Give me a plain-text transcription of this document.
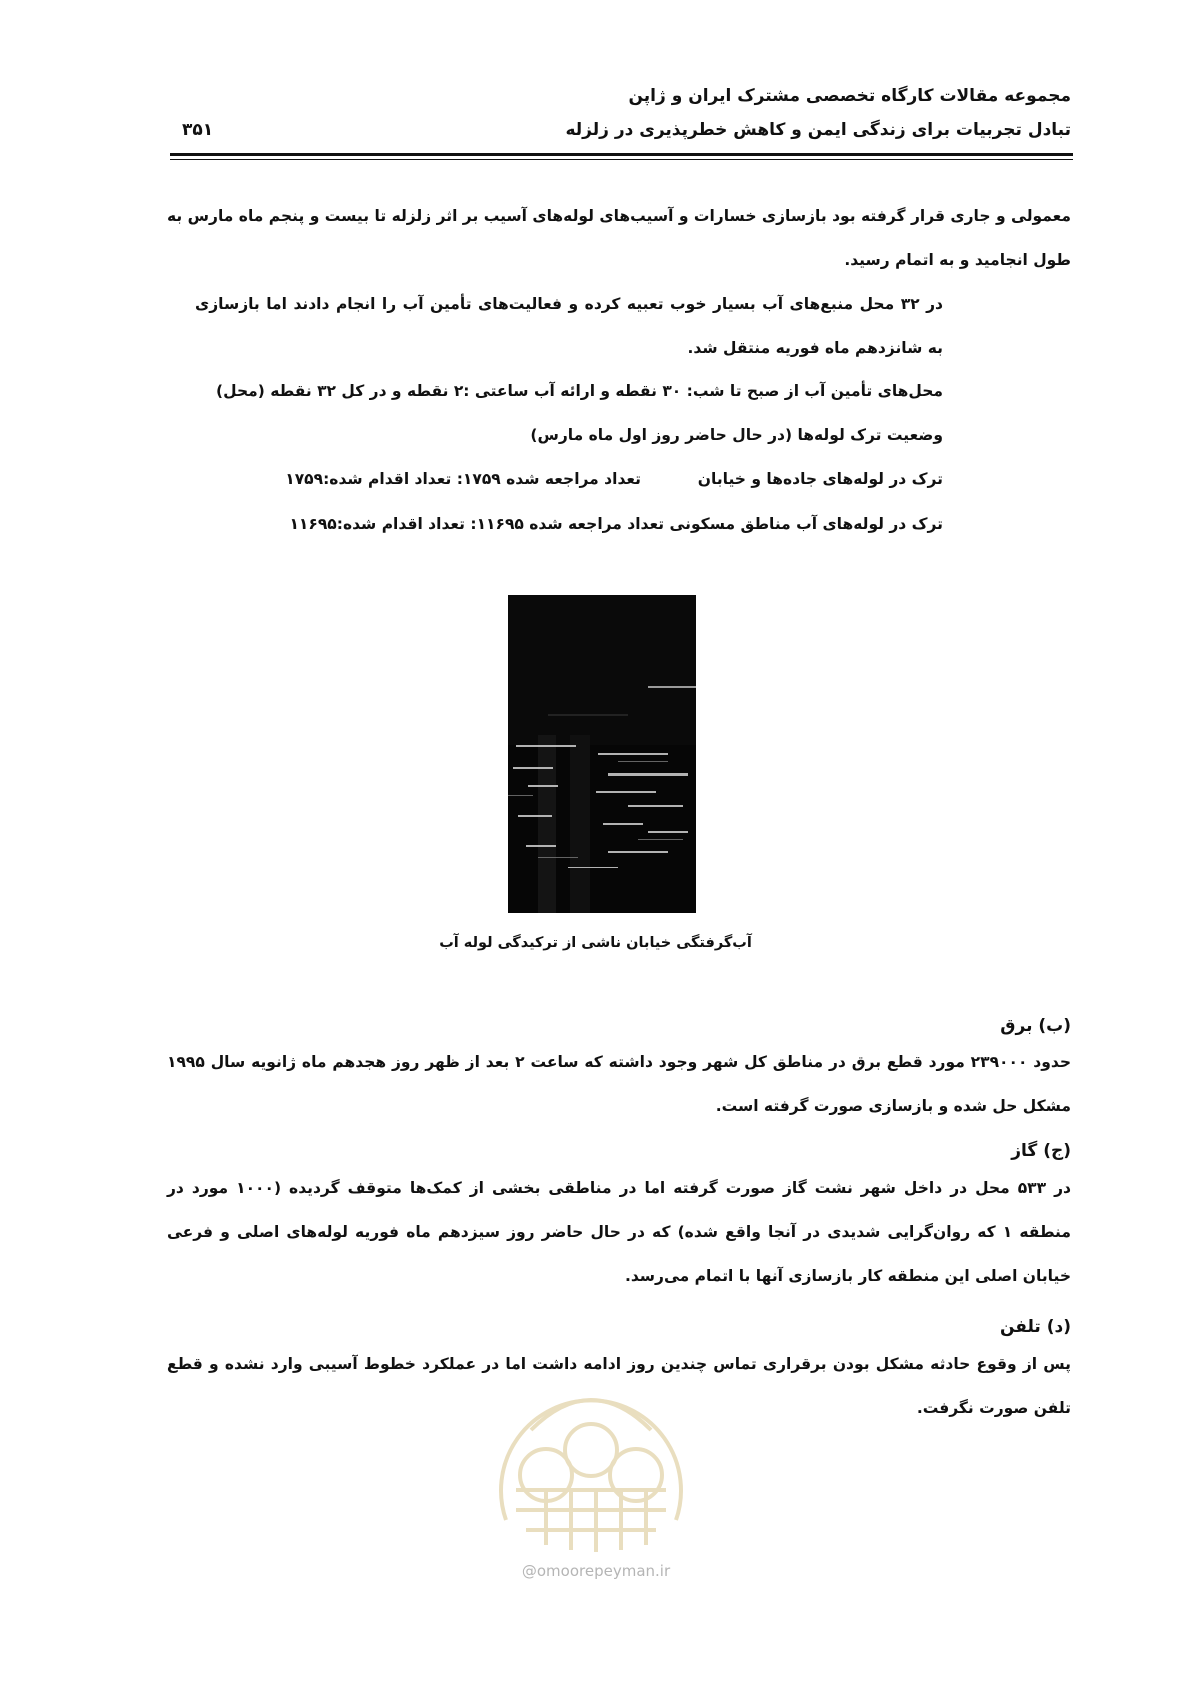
مجموعه مقالات کارگاه تخصصی مشترک ایران و ژاپن
تبادل تجربیات برای زندگی ایمن و کاهش خطرپذیری در زلزله
۳۵۱
معمولی و جاری قرار گرفته بود بازسازی خسارات و آسیب‌های لوله‌های آسیب بر اثر زلزله تا بیست و پنجم ماه مارس به طول انجامید و به اتمام رسید.
در ۳۲ محل منبع‌های آب بسیار خوب تعبیه کرده و فعالیت‌های تأمین آب را انجام دادند اما بازسازی به شانزدهم ماه فوریه منتقل شد.
محل‌های تأمین آب از صبح تا شب: ۳۰ نقطه و ارائه آب ساعتی :۲ نقطه و در کل ۳۲ نقطه (محل)
وضعیت ترک لوله‌ها (در حال حاضر روز اول ماه مارس)
ترک در لوله‌های جاده‌ها و خیابان  تعداد مراجعه شده ۱۷۵۹: تعداد اقدام شده:۱۷۵۹
ترک در لوله‌های آب مناطق مسکونی تعداد مراجعه شده ۱۱۶۹۵: تعداد اقدام شده:۱۱۶۹۵
آب‌گرفتگی خیابان ناشی از ترکیدگی لوله آب
(ب) برق
حدود ۲۳۹۰۰۰ مورد قطع برق در مناطق کل شهر وجود داشته که ساعت ۲ بعد از ظهر روز هجدهم ماه ژانویه سال ۱۹۹۵ مشکل حل شده و بازسازی صورت گرفته است.
(ج) گاز
در ۵۳۳ محل در داخل شهر نشت گاز صورت گرفته اما در مناطقی بخشی از کمک‌ها متوقف گردیده (۱۰۰۰ مورد در منطقه ۱ که روان‌گرایی شدیدی در آنجا واقع شده) که در حال حاضر روز سیزدهم ماه فوریه لوله‌های اصلی و فرعی خیابان اصلی این منطقه کار بازسازی آنها با اتمام می‌رسد.
(د) تلفن
پس از وقوع حادثه مشکل بودن برقراری تماس چندین روز ادامه داشت اما در عملکرد خطوط آسیبی وارد نشده و قطع تلفن صورت نگرفت.
@omoorepeyman.ir
